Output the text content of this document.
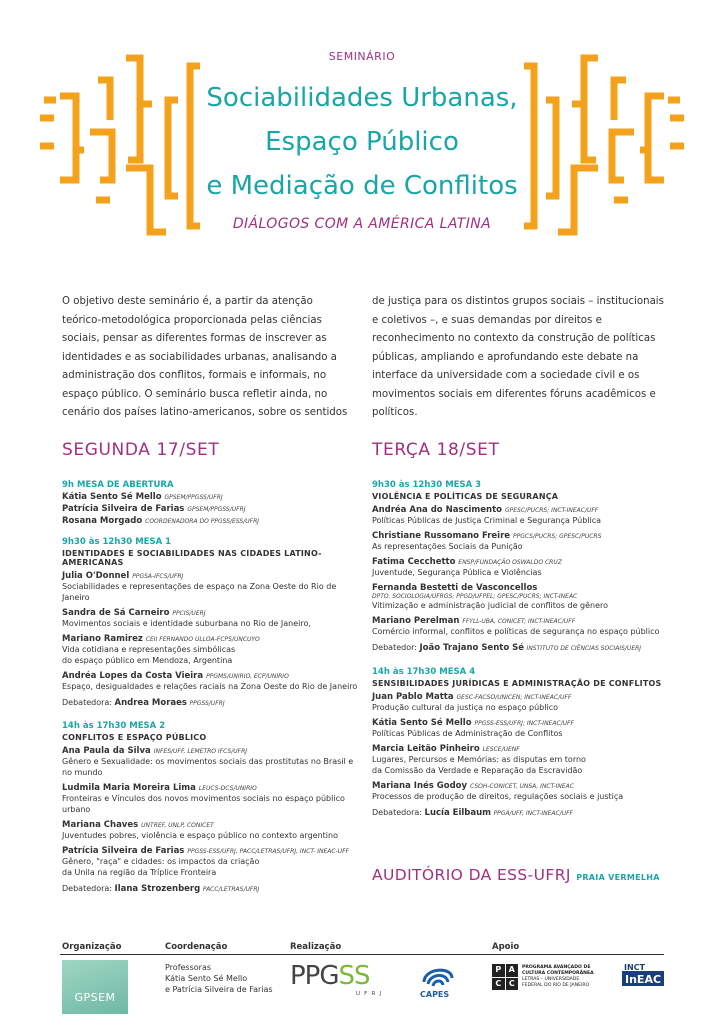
SEMINÁRIO
Sociabilidades Urbanas,
Espaço Público
e Mediação de Conflitos
DIÁLOGOS COM A AMÉRICA LATINA
O objetivo deste seminário é, a partir da atenção teórico-metodológica proporcionada pelas ciências sociais, pensar as diferentes formas de inscrever as identidades e as sociabilidades urbanas, analisando a administração dos conflitos, formais e informais, no espaço público. O seminário busca refletir ainda, no cenário dos países latino-americanos, sobre os sentidos
de justiça para os distintos grupos sociais – institucionais e coletivos –, e suas demandas por direitos e reconhecimento no contexto da construção de políticas públicas, ampliando e aprofundando este debate na interface da universidade com a sociedade civil e os movimentos sociais em diferentes fóruns acadêmicos e políticos.
SEGUNDA 17/SET	TERÇA 18/SET
9h MESA DE ABERTURA
Kátia Sento Sé Mello GPSEM/PPGSS/UFRJ
Patrícia Silveira de Farias GPSEM/PPGSS/UFRJ
Rosana Morgado COORDENADORA DO PPGSS/ESS/UFRJ
9h30 às 12h30 MESA 1
IDENTIDADES E SOCIABILIDADES NAS CIDADES LATINO-AMERICANAS
Julia O'Donnel PPGSA-IFCS/UFRJ
Sociabilidades e representações de espaço na Zona Oeste do Rio de Janeiro
Sandra de Sá Carneiro PPCIS/UERJ
Movimentos sociais e identidade suburbana no Rio de Janeiro,
Mariano Ramirez CEII FERNANDO ULLOA-FCPS/UNCUYO
Vida cotidiana e representações simbólicas
do espaço público em Mendoza, Argentina
Andréa Lopes da Costa Vieira PPGMS/UNIRIO, ECP/UNIRIO
Espaço, desigualdades e relações raciais na Zona Oeste do Rio de Janeiro
Debatedora: Andrea Moraes PPGSS/UFRJ
14h às 17h30 MESA 2
CONFLITOS E ESPAÇO PÚBLICO
Ana Paula da Silva INFES/UFF, LEMETRO IFCS/UFRJ
Gênero e Sexualidade: os movimentos sociais das prostitutas no Brasil e no mundo
Ludmila Maria Moreira Lima LEUCS-DCS/UNIRIO
Fronteiras e Vínculos dos novos movimentos sociais no espaço público urbano
Mariana Chaves UNTREF, UNLP, CONICET
Juventudes pobres, violência e espaço público no contexto argentino
Patrícia Silveira de Farias PPGSS-ESS/UFRJ, PACC/LETRAS/UFRJ, INCT- INEAC-UFF
Gênero, "raça" e cidades: os impactos da criação
da Unila na região da Tríplice Fronteira
Debatedora: Ilana Strozenberg PACC/LETRAS/UFRJ
9h30 às 12h30 MESA 3
VIOLÊNCIA E POLÍTICAS DE SEGURANÇA
Andréa Ana do Nascimento GPESC/PUCRS; INCT-INEAC/UFF
Políticas Públicas de Justiça Criminal e Segurança Pública
Christiane Russomano Freire PPGCS/PUCRS; GPESC/PUCRS
As representações Sociais da Punição
Fatima Cecchetto ENSP/FUNDAÇÃO OSWALDO CRUZ
Juventude, Segurança Pública e Violências
Fernanda Bestetti de Vasconcellos
DPTO. SOCIOLOGIA/UFRGS; PPGD/UFPEL; GPESC/PUCRS; INCT-INEAC
Vitimização e administração judicial de conflitos de gênero
Mariano Perelman FFYLL-UBA, CONICET; INCT-INEAC/UFF
Comércio informal, conflitos e políticas de segurança no espaço público
Debatedor: João Trajano Sento Sé INSTITUTO DE CIÊNCIAS SOCIAIS/UERJ
14h às 17h30 MESA 4
SENSIBILIDADES JURÍDICAS E ADMINISTRAÇÃO DE CONFLITOS
Juan Pablo Matta GESC-FACSO/UNICEN; INCT-INEAC/UFF
Produção cultural da justiça no espaço público
Kátia Sento Sé Mello PPGSS-ESS/UFRJ; INCT-INEAC/UFF
Políticas Públicas de Administração de Conflitos
Marcia Leitão Pinheiro LESCE/UENF
Lugares, Percursos e Memórias: as disputas em torno
da Comissão da Verdade e Reparação da Escravidão
Mariana Inés Godoy CSOH-CONICET, UNSA, INCT-INEAC
Processos de produção de direitos, regulações sociais e justiça
Debatedora: Lucía Eilbaum PPGA/UFF, INCT-INEAC/UFF
AUDITÓRIO DA ESS-UFRJ PRAIA VERMELHA
Organização	Coordenação	Realização	Apoio
GPSEM
Professoras
Kátia Sento Sé Mello
e Patrícia Silveira de Farias PPGSS
U F R J	CAPES
P A
C C
PROGRAMA AVANÇADO DE
CULTURA CONTEMPORÂNEA
LETRAS – UNIVERSIDADE
FEDERAL DO RIO DE JANEIRO
INCT
InEAC
